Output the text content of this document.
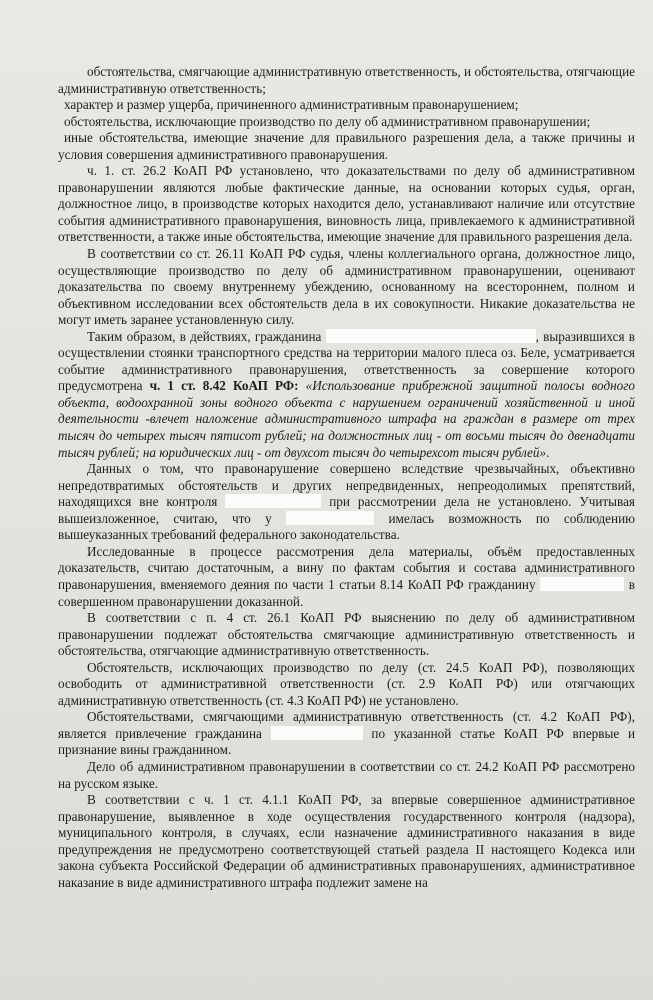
обстоятельства, смягчающие административную ответственность, и обстоятельства, отягчающие административную ответственность;

характер и размер ущерба, причиненного административным правонарушением;

обстоятельства, исключающие производство по делу об административном правонарушении;

иные обстоятельства, имеющие значение для правильного разрешения дела, а также причины и условия совершения административного правонарушения.

ч. 1. ст. 26.2 КоАП РФ установлено, что доказательствами по делу об административном правонарушении являются любые фактические данные, на основании которых судья, орган, должностное лицо, в производстве которых находится дело, устанавливают наличие или отсутствие события административного правонарушения, виновность лица, привлекаемого к административной ответственности, а также иные обстоятельства, имеющие значение для правильного разрешения дела.

В соответствии со ст. 26.11 КоАП РФ судья, члены коллегиального органа, должностное лицо, осуществляющие производство по делу об административном правонарушении, оценивают доказательства по своему внутреннему убеждению, основанному на всестороннем, полном и объективном исследовании всех обстоятельств дела в их совокупности. Никакие доказательства не могут иметь заранее установленную силу.

Таким образом, в действиях, гражданина	, выразившихся в осуществлении стоянки транспортного средства на территории малого плеса оз. Беле, усматривается событие административного правонарушения, ответственность за совершение которого предусмотрена ч. 1 ст. 8.42 КоАП РФ: «Использование прибрежной защитной полосы водного объекта, водоохранной зоны водного объекта с нарушением ограничений хозяйственной и иной деятельности -влечет наложение административного штрафа на граждан в размере от трех тысяч до четырех тысяч пятисот рублей; на должностных лиц - от восьми тысяч до двенадцати тысяч рублей; на юридических лиц - от двухсот тысяч до четырехсот тысяч рублей».

Данных о том, что правонарушение совершено вследствие чрезвычайных, объективно непредотвратимых обстоятельств и других непредвиденных, непреодолимых препятствий, находящихся вне контроля	при рассмотрении дела не установлено. Учитывая вышеизложенное, считаю, что у	имелась возможность по соблюдению вышеуказанных требований федерального законодательства.

Исследованные в процессе рассмотрения дела материалы, объём предоставленных доказательств, считаю достаточным, а вину по фактам события и состава административного правонарушения, вменяемого деяния по части 1 статьи 8.14 КоАП РФ гражданину	в совершенном правонарушении доказанной.

В соответствии с п. 4 ст. 26.1 КоАП РФ выяснению по делу об административном правонарушении подлежат обстоятельства смягчающие административную ответственность и обстоятельства, отягчающие административную ответственность.

Обстоятельств, исключающих производство по делу (ст. 24.5 КоАП РФ), позволяющих освободить от административной ответственности (ст. 2.9 КоАП РФ) или отягчающих административную ответственность (ст. 4.3 КоАП РФ) не установлено.

Обстоятельствами, смягчающими административную ответственность (ст. 4.2 КоАП РФ), является привлечение гражданина	по указанной статье КоАП РФ впервые и признание вины гражданином.

Дело об административном правонарушении в соответствии со ст. 24.2 КоАП РФ рассмотрено на русском языке.

В соответствии с ч. 1 ст. 4.1.1 КоАП РФ, за впервые совершенное административное правонарушение, выявленное в ходе осуществления государственного контроля (надзора), муниципального контроля, в случаях, если назначение административного наказания в виде предупреждения не предусмотрено соответствующей статьей раздела II настоящего Кодекса или закона субъекта Российской Федерации об административных правонарушениях, административное наказание в виде административного штрафа подлежит замене на
